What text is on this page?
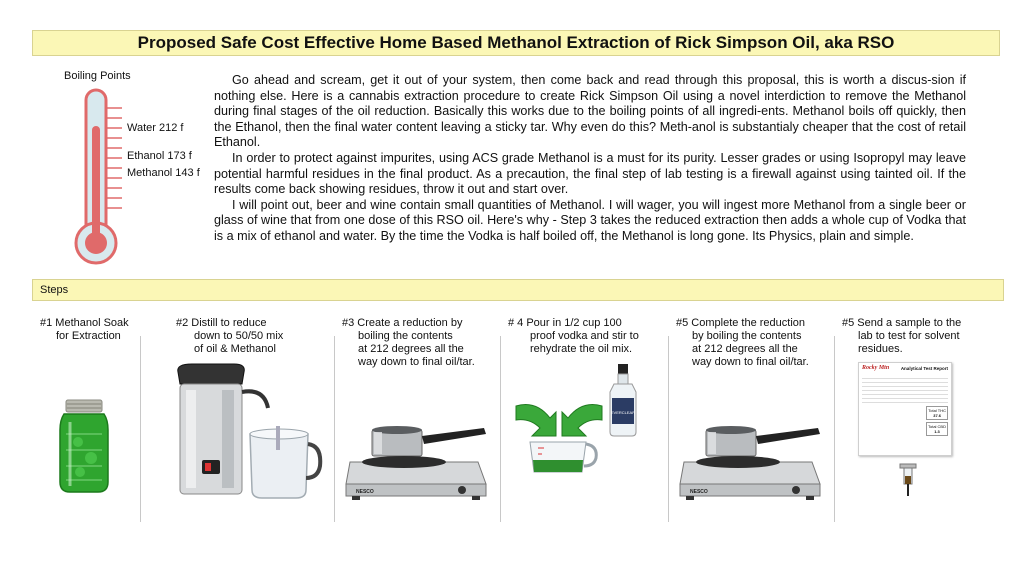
Proposed Safe Cost Effective Home Based Methanol Extraction of Rick Simpson Oil, aka RSO
Boiling Points
Water 212 f
Ethanol 173 f
Methanol 143 f

Go ahead and scream, get it out of your system, then come back and read through this proposal, this is worth a discus-sion if nothing else. Here is a cannabis extraction procedure to create Rick Simpson Oil using a novel interdiction to remove the Methanol during final stages of the oil reduction. Basically this works due to the boiling points of all ingredi-ents. Methanol boils off quickly, then the Ethanol, then the final water content leaving a sticky tar. Why even do this? Meth-anol is substantialy cheaper that the cost of retail Ethanol.

In order to protect against impurites, using ACS grade Methanol is a must for its purity. Lesser grades or using Isopropyl may leave potential harmful residues in the final product. As a precaution, the final step of lab testing is a firewall against using tainted oil. If the results come back showing residues, throw it out and start over.

I will point out, beer and wine contain small quantities of Methanol. I will wager, you will ingest more Methanol from a single beer or glass of wine that from one dose of this RSO oil. Here's why - Step 3 takes the reduced extraction then adds a whole cup of Vodka that is a mix of ethanol and water. By the time the Vodka is half boiled off, the Methanol is long gone. Its Physics, plain and simple.

Steps
#1 Methanol Soak
for Extraction
#2 Distill to reduce
down to 50/50 mix
of oil & Methanol
#3 Create a reduction by
boiling the contents
at 212 degrees all the
way down to final oil/tar.
# 4 Pour in 1/2 cup 100
proof vodka and stir to
rehydrate the oil mix.
#5 Complete the reduction
by boiling the contents
at 212 degrees all the
way down to final oil/tar.
#5 Send a sample to the
lab to test for solvent
residues.
NESCO
EVERCLEAR
NESCO
Rocky Mtn	Analytical Test Report
Total THC
37.6
Total CBD
1.3
